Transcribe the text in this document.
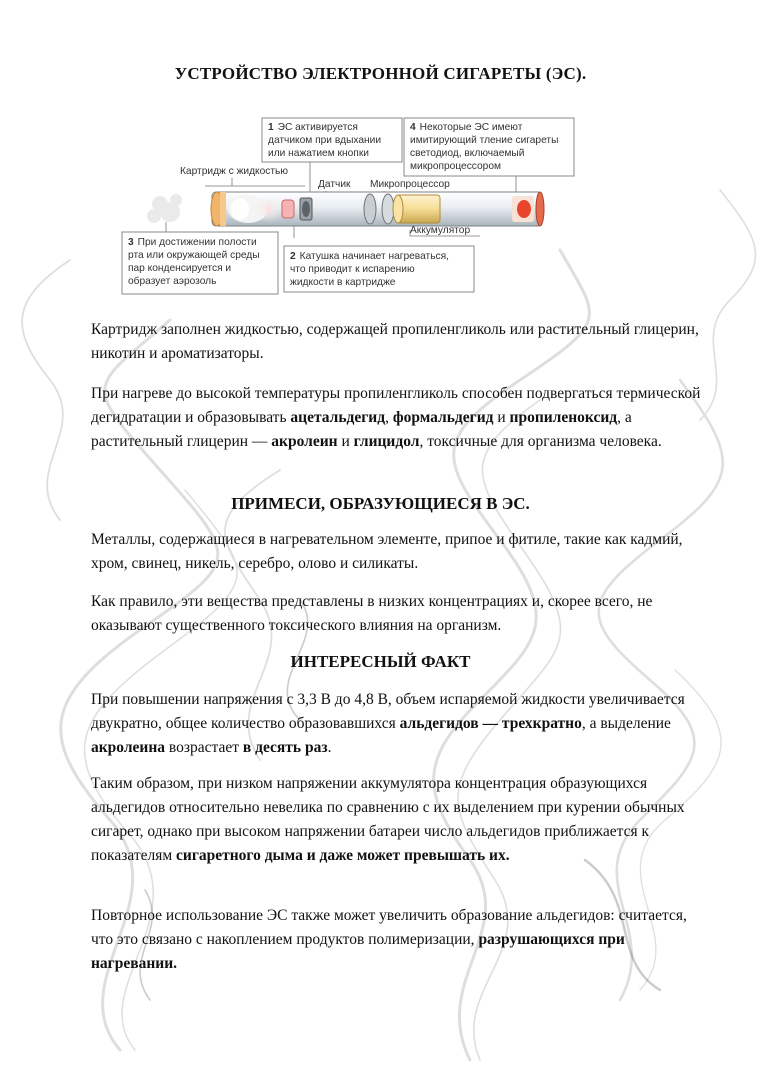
УСТРОЙСТВО ЭЛЕКТРОННОЙ СИГАРЕТЫ (ЭС).
1 ЭС активируется
датчиком при вдыхании
или нажатием кнопки
4 Некоторые ЭС имеют
имитирующий тление сигареты
светодиод, включаемый
микропроцессором
Картридж с жидкостью
Датчик Микропроцессор
Аккумулятор
3 При достижении полости
рта или окружающей среды
пар конденсируется и
образует аэрозоль
2 Катушка начинает нагреваться,
что приводит к испарению
жидкости в картридже

Картридж заполнен жидкостью, содержащей пропиленгликоль или растительный глицерин, никотин и ароматизаторы.

При нагреве до высокой температуры пропиленгликоль способен подвергаться термической дегидратации и образовывать ацетальдегид, формальдегид и пропиленоксид, а растительный глицерин — акролеин и глицидол, токсичные для организма человека.

ПРИМЕСИ, ОБРАЗУЮЩИЕСЯ В ЭС.

Металлы, содержащиеся в нагревательном элементе, припое и фитиле, такие как кадмий, хром, свинец, никель, серебро, олово и силикаты.

Как правило, эти вещества представлены в низких концентрациях и, скорее всего, не оказывают существенного токсического влияния на организм.

ИНТЕРЕСНЫЙ ФАКТ

При повышении напряжения с 3,3 В до 4,8 В, объем испаряемой жидкости увеличивается двукратно, общее количество образовавшихся альдегидов — трехкратно, а выделение акролеина возрастает в десять раз.

Таким образом, при низком напряжении аккумулятора концентрация образующихся альдегидов относительно невелика по сравнению с их выделением при курении обычных сигарет, однако при высоком напряжении батареи число альдегидов приближается к показателям сигаретного дыма и даже может превышать их.

Повторное использование ЭС также может увеличить образование альдегидов: считается, что это связано с накоплением продуктов полимеризации, разрушающихся при нагревании.
